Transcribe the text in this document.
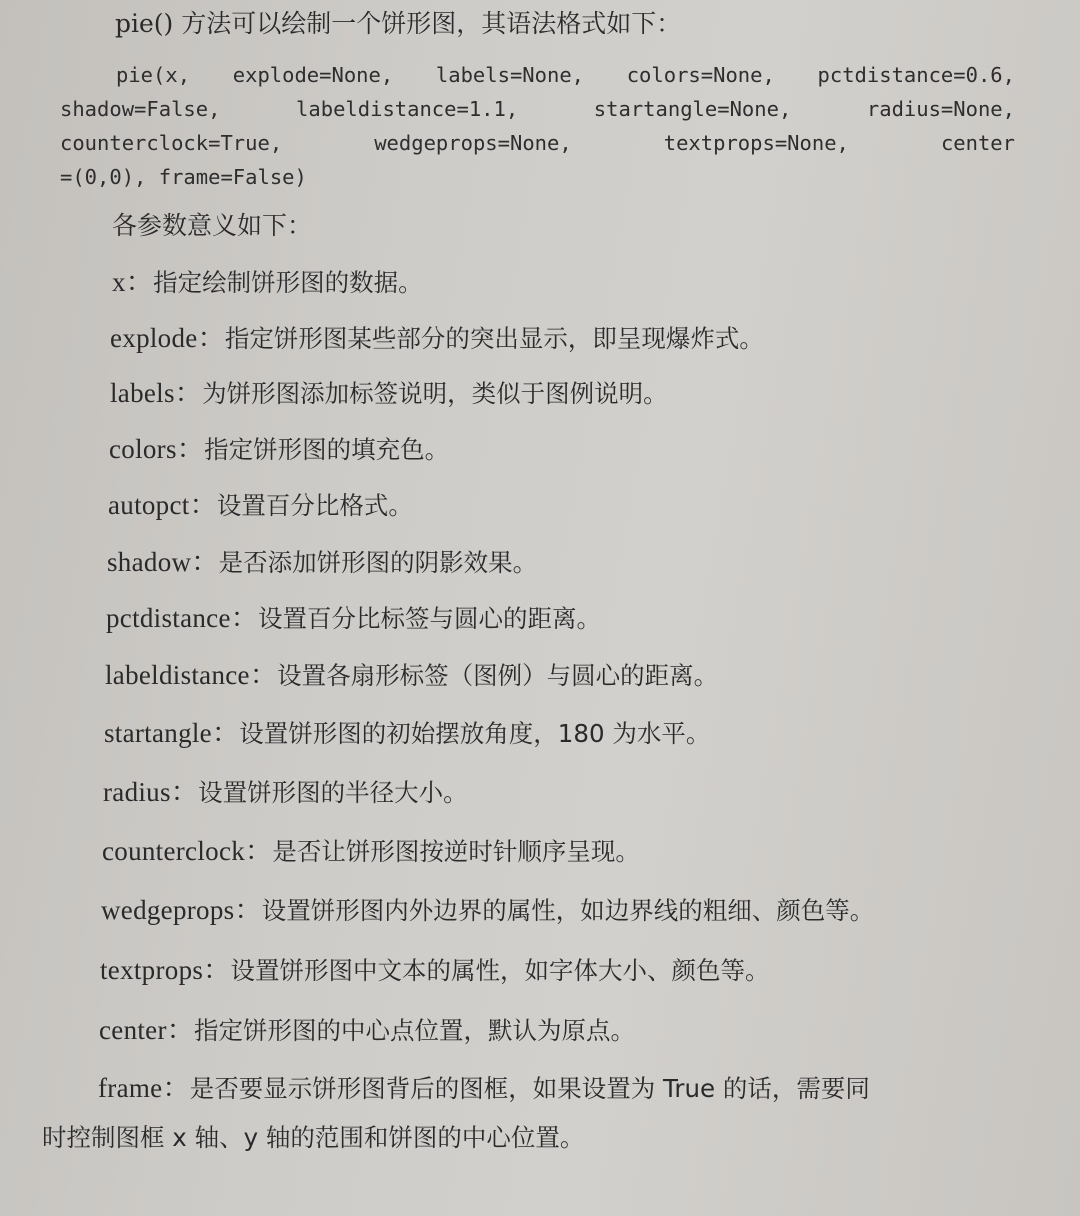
pie() 方法可以绘制一个饼形图，其语法格式如下：
pie(x, explode=None, labels=None, colors=None, pctdistance=0.6,
shadow=False, labeldistance=1.1, startangle=None, radius=None,
counterclock=True, wedgeprops=None, textprops=None, center
=(0,0), frame=False)
各参数意义如下：
x：指定绘制饼形图的数据。
explode：指定饼形图某些部分的突出显示，即呈现爆炸式。
labels：为饼形图添加标签说明，类似于图例说明。
colors：指定饼形图的填充色。
autopct：设置百分比格式。
shadow：是否添加饼形图的阴影效果。
pctdistance：设置百分比标签与圆心的距离。
labeldistance：设置各扇形标签（图例）与圆心的距离。
startangle：设置饼形图的初始摆放角度，180 为水平。
radius：设置饼形图的半径大小。
counterclock：是否让饼形图按逆时针顺序呈现。
wedgeprops：设置饼形图内外边界的属性，如边界线的粗细、颜色等。
textprops：设置饼形图中文本的属性，如字体大小、颜色等。
center：指定饼形图的中心点位置，默认为原点。
frame：是否要显示饼形图背后的图框，如果设置为 True 的话，需要同
时控制图框 x 轴、y 轴的范围和饼图的中心位置。
